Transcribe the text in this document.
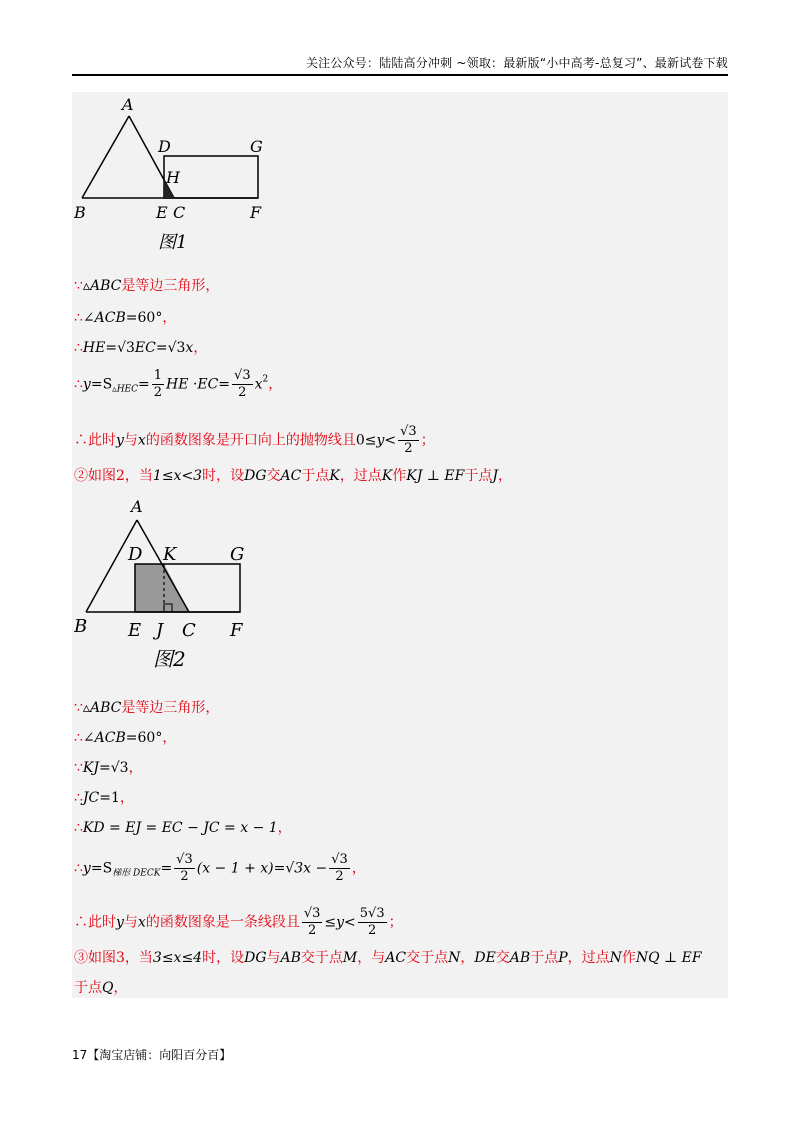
关注公众号：陆陆高分冲刺 ~领取：最新版“小中高考-总复习”、最新试卷下载
A
B
D
H
E C
G
F
图1
∵▵ABC是等边三角形，
∴∠ACB=60°，
∴HE=√3EC=√3x，
$\therefore y=S_{▵HEC}= \frac{1}{2}$ HE $\cdot EC= \frac{√3}{2} x^2$，
∴此时y与x的函数图象是开口向上的抛物线且$0\le y< \frac{√3}{2}$ ；
②如图2，当1≤x<3时，设DG交AC于点K，过点K作KJ ⊥ EF于点J，
A
B
D K	G
E J C F
图2
∵▵ABC是等边三角形，
∴∠ACB=60°，
∵KJ=√3，
∴JC=1，
∴KD = EJ = EC − JC = x − 1，
$\therefore y=S_{梯形 DECK}= \frac{√3}{2} (x - 1 + x)=√3x - \frac{√3}{2}$ ，
∴此时y与x的函数图象是一条线段且 $\frac{√3}{2} \le y< \frac{5√3}{2}$ ；
③如图3，当3≤x≤4时，设DG与AB交于点M，与AC交于点N，DE交AB于点P，过点N作NQ ⊥ EF
于点Q，
17【淘宝店铺：向阳百分百】
